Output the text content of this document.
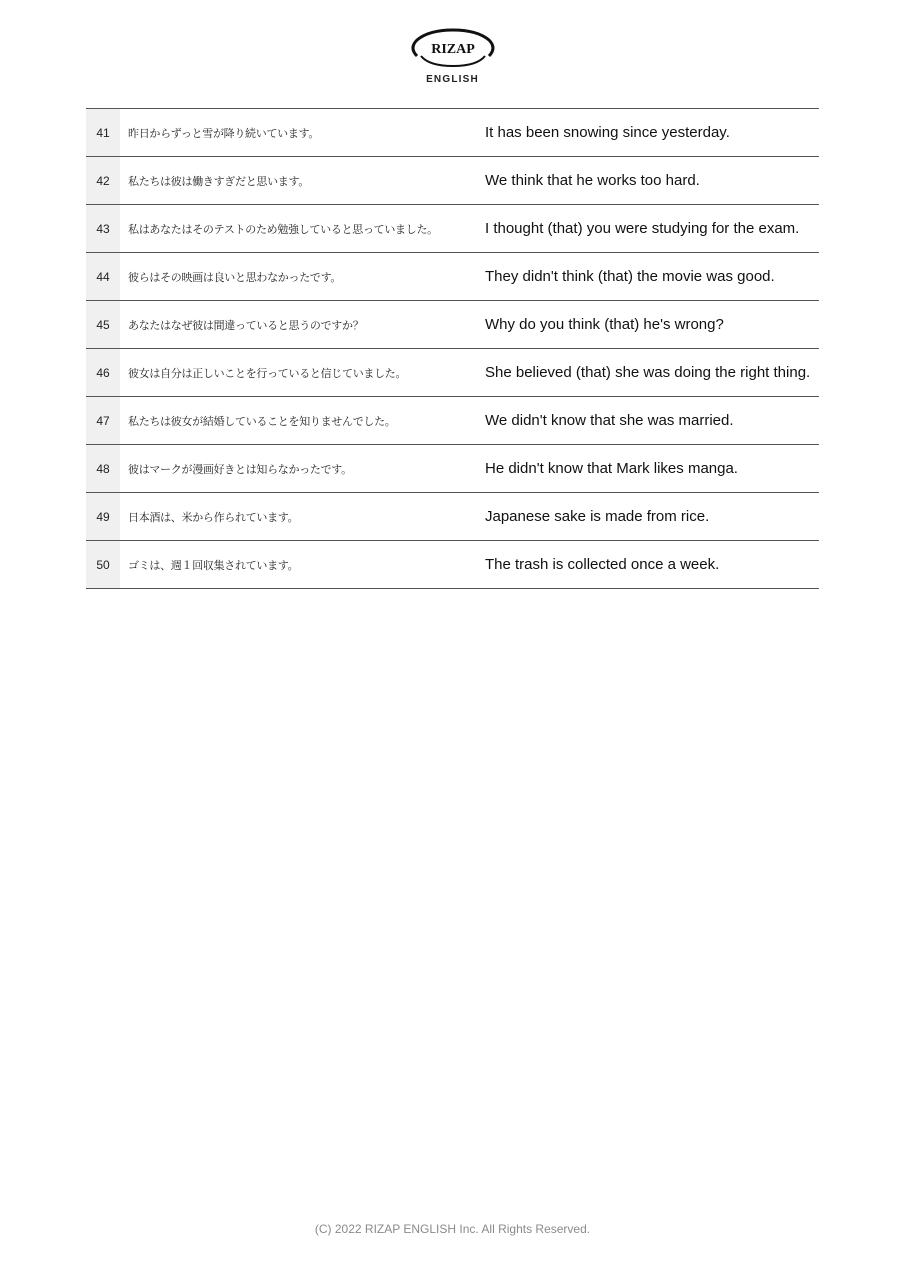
RIZAP
ENGLISH
41	昨日からずっと雪が降り続いています。	It has been snowing since yesterday.
42	私たちは彼は働きすぎだと思います。	We think that he works too hard.
43	私はあなたはそのテストのため勉強していると思っていました。	I thought (that) you were studying for the exam.
44	彼らはその映画は良いと思わなかったです。	They didn't think (that) the movie was good.
45	あなたはなぜ彼は間違っていると思うのですか？	Why do you think (that) he's wrong?
46	彼女は自分は正しいことを行っていると信じていました。	She believed (that) she was doing the right thing.
47	私たちは彼女が結婚していることを知りませんでした。	We didn't know that she was married.
48	彼はマークが漫画好きとは知らなかったです。	He didn't know that Mark likes manga.
49	日本酒は、米から作られています。	Japanese sake is made from rice.
50	ゴミは、週１回収集されています。	The trash is collected once a week.
(C) 2022 RIZAP ENGLISH Inc. All Rights Reserved.
